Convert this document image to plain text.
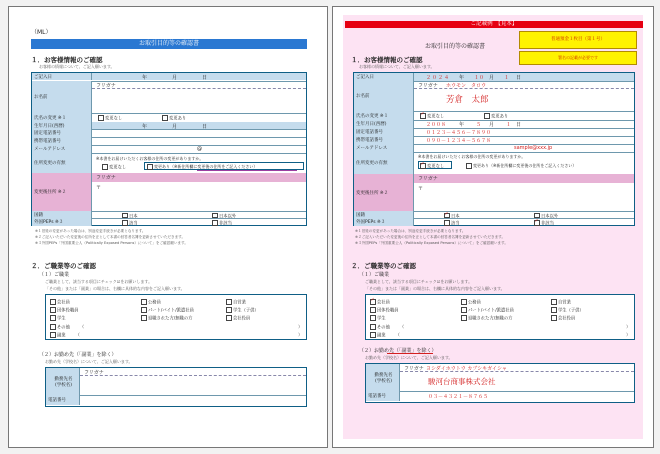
（ML）
お取引目的等の確認書
１．お客様情報のご確認
お客様の情報について、ご記入願います。
ご記入日	年	月	日
お名前
フリガナ
氏名の変更 ※１	変更なし	変更あり
生年月日(西暦)	年	月	日
固定電話番号
携帯電話番号
メールアドレス	@
住所変更の有無
※本書をお届けいただくお客様の住所の変更がありますか。
変更なし	変更あり（※新住所欄に変更後の住所をご記入ください）
変更後住所 ※２
フリガナ
〒
国籍	日本	日本以外
外国PEPs ※３	該当	非該当
※１旧姓の変更があった場合は、別途変更手続きが必要となります。
※２ご記入いただいた変更後の住所を正として本書の回答者名簿を更新させていただきます。
※３外国PEPs「外国重要公人（Politically Exposed Persons）について」をご確認願います。
２．ご職業等のご確認
（１）ご職業
ご職業として、該当する項目にチェック☑をお願いします。
「その他」または「副業」の場合は、右欄に具体的な内容をご記入願います。
会社員	公務員	自営業
団体役職員	パート/バイト/派遣社員	学生（子供）
学生	退職された方/無職の方	会社役員
その他 （	）
副業 （	）
（２）お勤め先（「副業」を除く）
お勤め先（学校名）について、ご記入願います。
勤務先名
(学校名)
フリガナ
電話番号
ご記載例　【見本】
普通預金１枚目（第１号）
署名の記載が必要です
お取引目的等の確認書
１．お客様情報のご確認
お客様の情報について、ご記入願います。
ご記入日	２０２４ 年 １０ 月 １ 日
お名前
フリガナ ホウモン　タロウ
芳倉　太郎
氏名の変更 ※１ ✓	変更なし	変更あり
生年月日(西暦)	２００８	年 ５ 月 １ 日
固定電話番号	０１２３－４５６－７８９０
携帯電話番号	０９０－１２３４－５６７８
メールアドレス	sample@xxx.jp
住所変更の有無
※本書をお届けいただくお客様の住所の変更がありますか。
✓変更なし	変更あり（※新住所欄に変更後の住所をご記入ください）
変更後住所 ※２
フリガナ
〒
国籍 ✓	日本	日本以外
外国PEPs ※３	該当 ✓	非該当
※１旧姓の変更があった場合は、別途変更手続きが必要となります。
※２ご記入いただいた変更後の住所を正として本書の回答者名簿を更新させていただきます。
※３外国PEPs「外国重要公人（Politically Exposed Persons）について」をご確認願います。
２．ご職業等のご確認
（１）ご職業
ご職業として、該当する項目にチェック☑をお願いします。
「その他」または「副業」の場合は、右欄に具体的な内容をご記入願います。
✓会社員	公務員	自営業
団体役職員	パート/バイト/派遣社員	学生（子供）
学生	退職された方/無職の方	会社役員
その他 （	）
副業 （	）
（２）お勤め先（「副業」を除く）
お勤め先（学校名）について、ご記入願います。
勤務先名
(学校名)
フリガナ ヨシダイホウトウ カブシキガイシャ
駿河台商事株式会社
電話番号	０３－４３２１－８７６５
